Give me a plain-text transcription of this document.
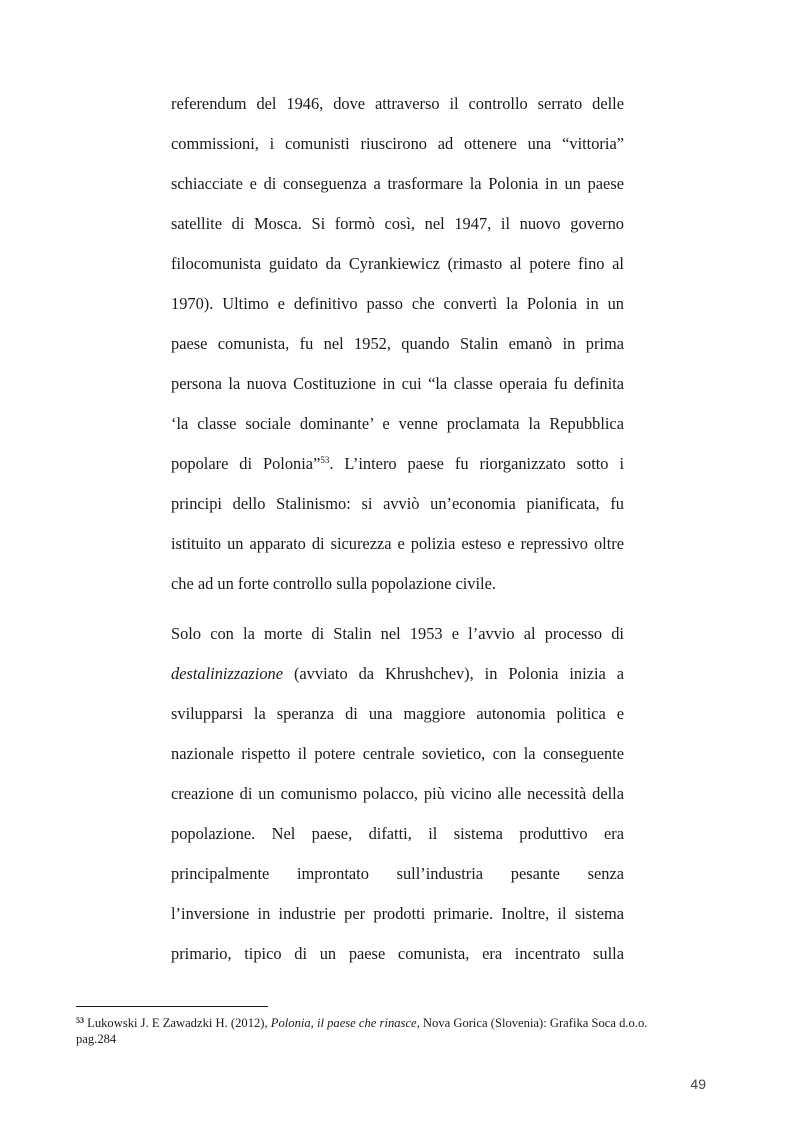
referendum del 1946, dove attraverso il controllo serrato delle
commissioni, i comunisti riuscirono ad ottenere una “vittoria”
schiacciate e di conseguenza a trasformare la Polonia in un paese
satellite di Mosca. Si formò così, nel 1947, il nuovo governo
filocomunista guidato da Cyrankiewicz (rimasto al potere fino al
1970). Ultimo e definitivo passo che convertì la Polonia in un
paese comunista, fu nel 1952, quando Stalin emanò in prima
persona la nuova Costituzione in cui “la classe operaia fu definita
‘la classe sociale dominante’ e venne proclamata la Repubblica
popolare di Polonia”$^{53}$. L’intero paese fu riorganizzato sotto i
principi dello Stalinismo: si avviò un’economia pianificata, fu
istituito un apparato di sicurezza e polizia esteso e repressivo oltre
che ad un forte controllo sulla popolazione civile.
Solo con la morte di Stalin nel 1953 e l’avvio al processo di
destalinizzazione (avviato da Khrushchev), in Polonia inizia a
svilupparsi la speranza di una maggiore autonomia politica e
nazionale rispetto il potere centrale sovietico, con la conseguente
creazione di un comunismo polacco, più vicino alle necessità della
popolazione. Nel paese, difatti, il sistema produttivo era
principalmente improntato sull’industria pesante senza
l’inversione in industrie per prodotti primarie. Inoltre, il sistema
primario, tipico di un paese comunista, era incentrato sulla
$^{53}$ Lukowski J. E Zawadzki H. (2012), Polonia, il paese che rinasce, Nova Gorica (Slovenia): Grafika Soca d.o.o.
pag.284
49
